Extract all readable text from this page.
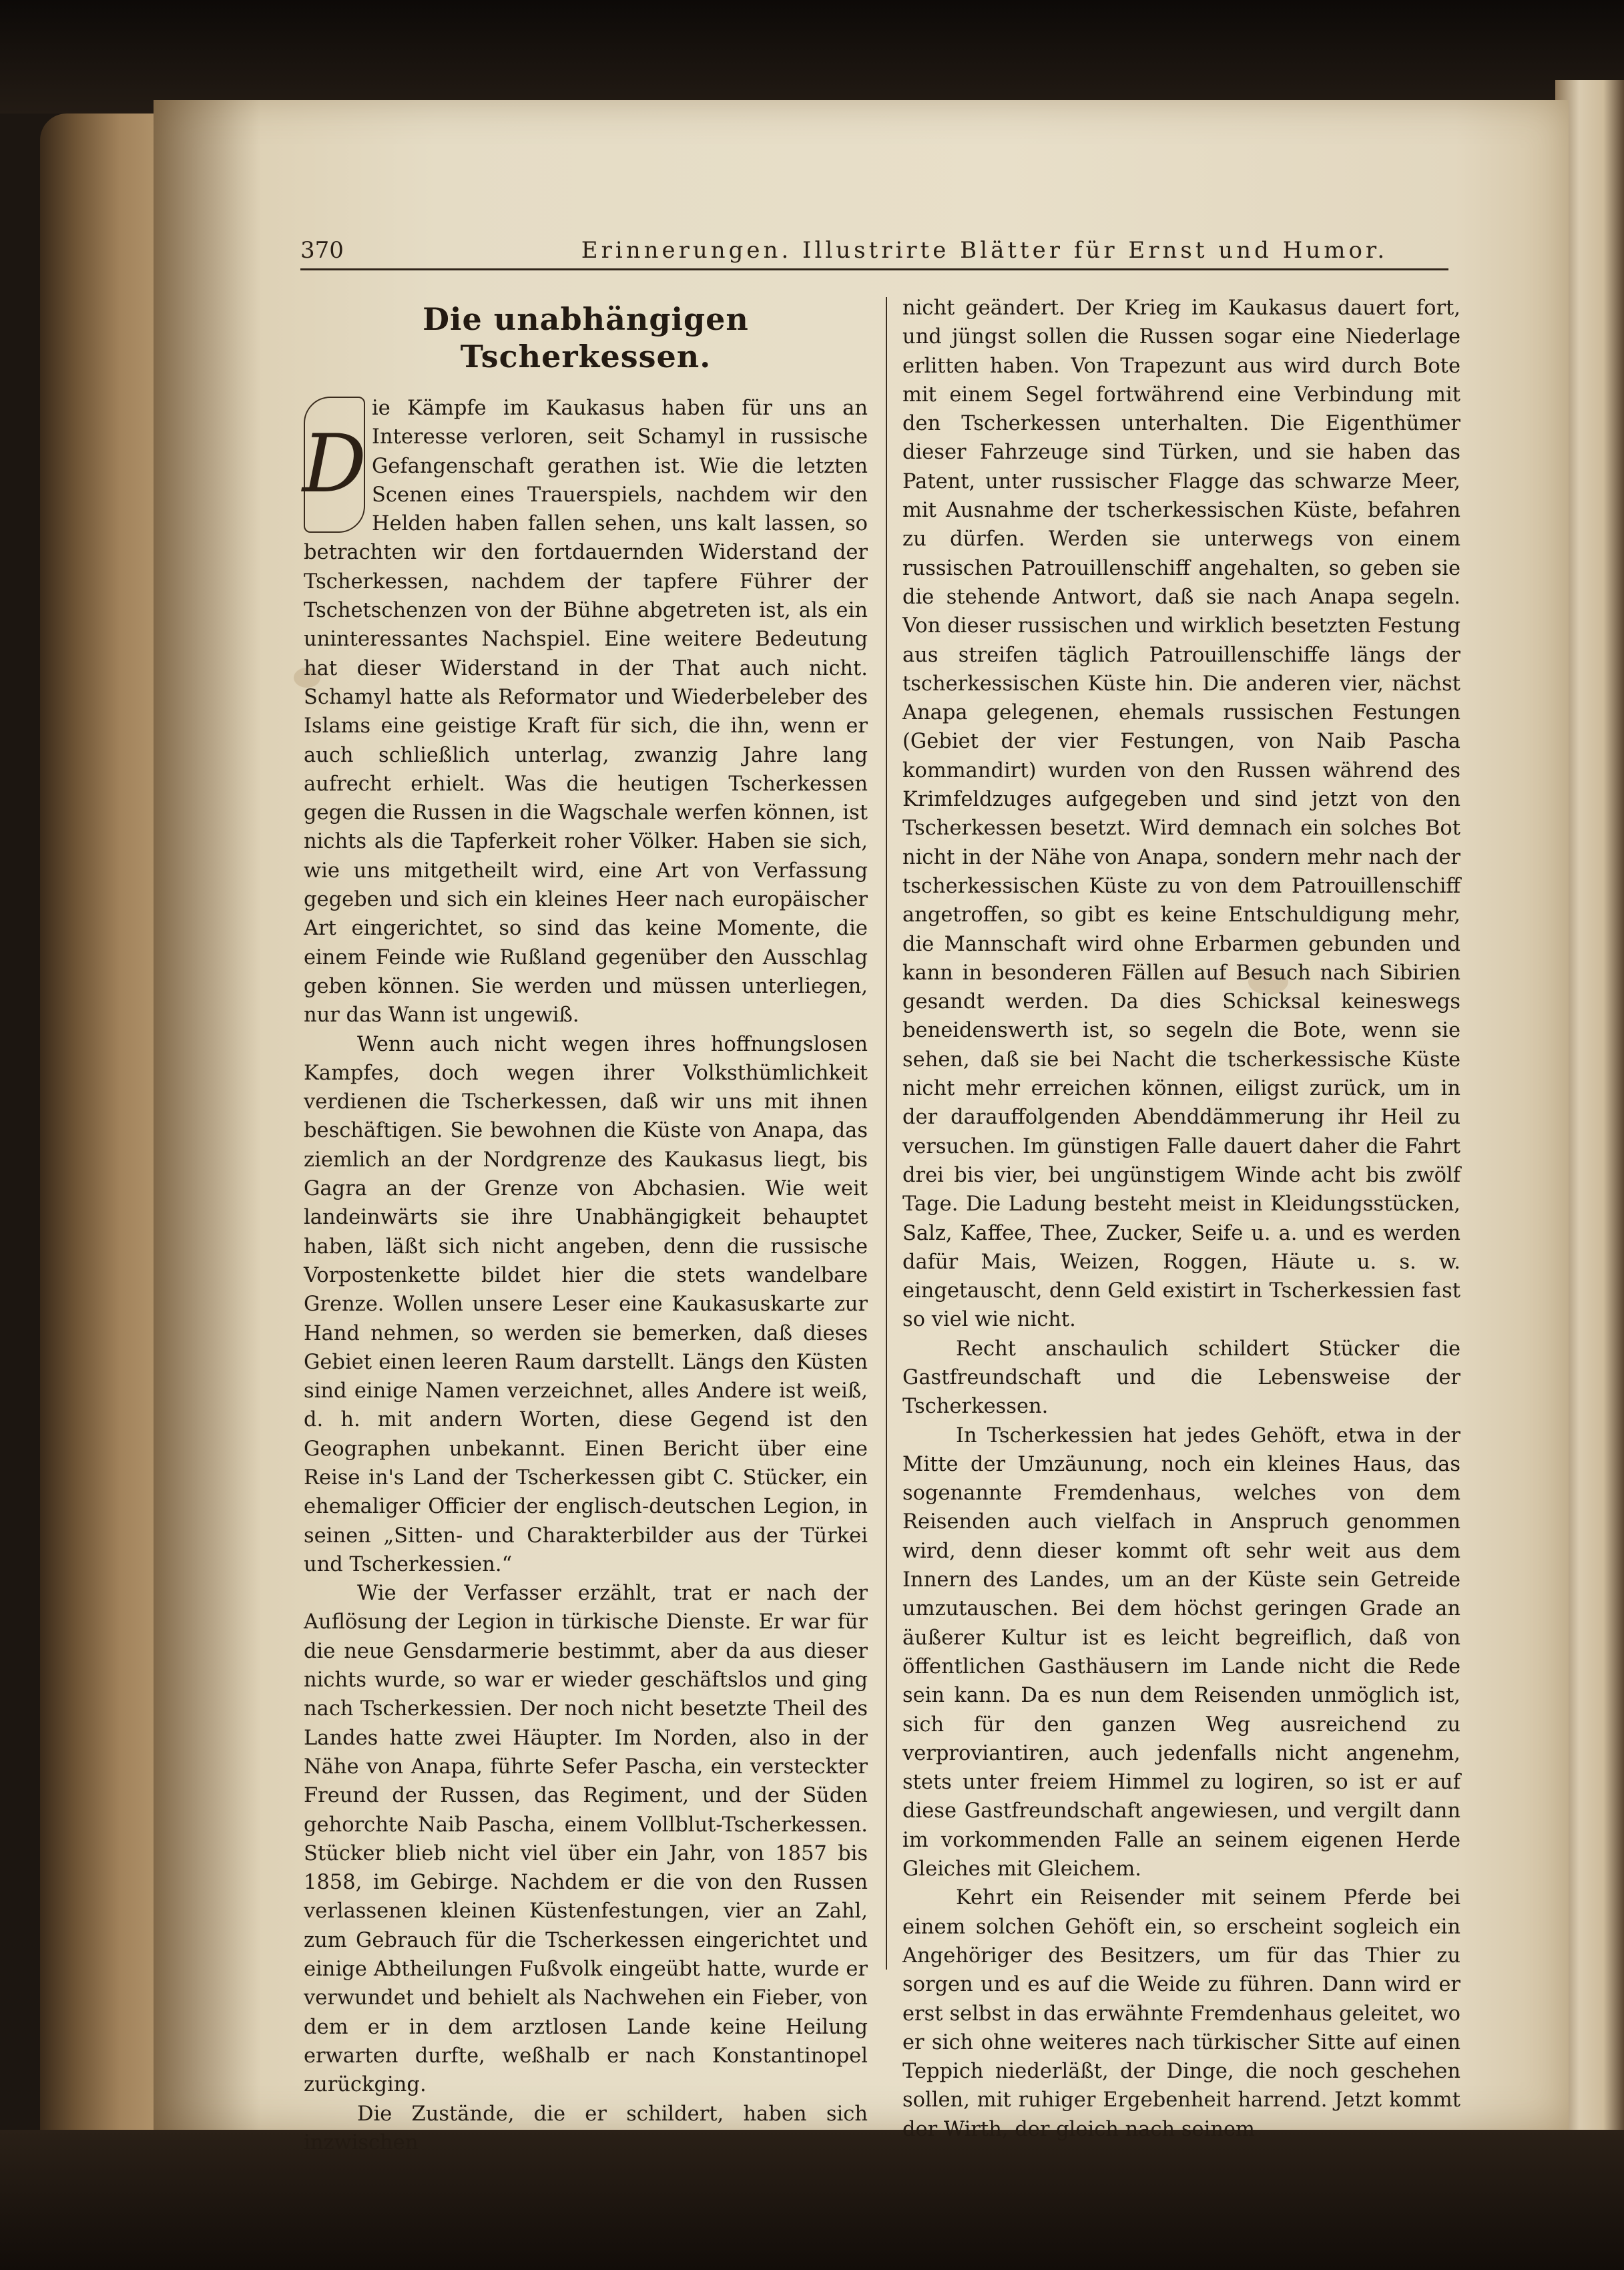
370	Erinnerungen. Illustrirte Blätter für Ernst und Humor.
Die unabhängigen Tscherkessen.

D
ie Kämpfe im Kaukasus haben für uns an Interesse verloren, seit Schamyl in russische Gefangenschaft gerathen ist. Wie die letzten Scenen eines Trauerspiels, nachdem wir den Helden haben fallen sehen, uns kalt lassen, so betrachten wir den fortdauernden Widerstand der Tscherkessen, nachdem der tapfere Führer der Tschetschenzen von der Bühne abgetreten ist, als ein uninteressantes Nachspiel. Eine weitere Bedeutung hat dieser Widerstand in der That auch nicht. Schamyl hatte als Reformator und Wiederbeleber des Islams eine geistige Kraft für sich, die ihn, wenn er auch schließlich unterlag, zwanzig Jahre lang aufrecht erhielt. Was die heutigen Tscherkessen gegen die Russen in die Wagschale werfen können, ist nichts als die Tapferkeit roher Völker. Haben sie sich, wie uns mitgetheilt wird, eine Art von Verfassung gegeben und sich ein kleines Heer nach europäischer Art eingerichtet, so sind das keine Momente, die einem Feinde wie Rußland gegenüber den Ausschlag geben können. Sie werden und müssen unterliegen, nur das Wann ist ungewiß.

Wenn auch nicht wegen ihres hoffnungslosen Kampfes, doch wegen ihrer Volksthümlichkeit verdienen die Tscherkessen, daß wir uns mit ihnen beschäftigen. Sie bewohnen die Küste von Anapa, das ziemlich an der Nordgrenze des Kaukasus liegt, bis Gagra an der Grenze von Abchasien. Wie weit landeinwärts sie ihre Unabhängigkeit behauptet haben, läßt sich nicht angeben, denn die russische Vorpostenkette bildet hier die stets wandelbare Grenze. Wollen unsere Leser eine Kaukasuskarte zur Hand nehmen, so werden sie bemerken, daß dieses Gebiet einen leeren Raum darstellt. Längs den Küsten sind einige Namen verzeichnet, alles Andere ist weiß, d. h. mit andern Worten, diese Gegend ist den Geographen unbekannt. Einen Bericht über eine Reise in's Land der Tscherkessen gibt C. Stücker, ein ehemaliger Officier der englisch-deutschen Legion, in seinen „Sitten- und Charakterbilder aus der Türkei und Tscherkessien.“

Wie der Verfasser erzählt, trat er nach der Auflösung der Legion in türkische Dienste. Er war für die neue Gensdarmerie bestimmt, aber da aus dieser nichts wurde, so war er wieder geschäftslos und ging nach Tscherkessien. Der noch nicht besetzte Theil des Landes hatte zwei Häupter. Im Norden, also in der Nähe von Anapa, führte Sefer Pascha, ein versteckter Freund der Russen, das Regiment, und der Süden gehorchte Naib Pascha, einem Vollblut-Tscherkessen. Stücker blieb nicht viel über ein Jahr, von 1857 bis 1858, im Gebirge. Nachdem er die von den Russen verlassenen kleinen Küstenfestungen, vier an Zahl, zum Gebrauch für die Tscherkessen eingerichtet und einige Abtheilungen Fußvolk eingeübt hatte, wurde er verwundet und behielt als Nachwehen ein Fieber, von dem er in dem arztlosen Lande keine Heilung erwarten durfte, weßhalb er nach Konstantinopel zurückging.

Die Zustände, die er schildert, haben sich inzwischen

nicht geändert. Der Krieg im Kaukasus dauert fort, und jüngst sollen die Russen sogar eine Niederlage erlitten haben. Von Trapezunt aus wird durch Bote mit einem Segel fortwährend eine Verbindung mit den Tscherkessen unterhalten. Die Eigenthümer dieser Fahrzeuge sind Türken, und sie haben das Patent, unter russischer Flagge das schwarze Meer, mit Ausnahme der tscherkessischen Küste, befahren zu dürfen. Werden sie unterwegs von einem russischen Patrouillenschiff angehalten, so geben sie die stehende Antwort, daß sie nach Anapa segeln. Von dieser russischen und wirklich besetzten Festung aus streifen täglich Patrouillenschiffe längs der tscherkessischen Küste hin. Die anderen vier, nächst Anapa gelegenen, ehemals russischen Festungen (Gebiet der vier Festungen, von Naib Pascha kommandirt) wurden von den Russen während des Krimfeldzuges aufgegeben und sind jetzt von den Tscherkessen besetzt. Wird demnach ein solches Bot nicht in der Nähe von Anapa, sondern mehr nach der tscherkessischen Küste zu von dem Patrouillenschiff angetroffen, so gibt es keine Entschuldigung mehr, die Mannschaft wird ohne Erbarmen gebunden und kann in besonderen Fällen auf Besuch nach Sibirien gesandt werden. Da dies Schicksal keineswegs beneidenswerth ist, so segeln die Bote, wenn sie sehen, daß sie bei Nacht die tscherkessische Küste nicht mehr erreichen können, eiligst zurück, um in der darauffolgenden Abenddämmerung ihr Heil zu versuchen. Im günstigen Falle dauert daher die Fahrt drei bis vier, bei ungünstigem Winde acht bis zwölf Tage. Die Ladung besteht meist in Kleidungsstücken, Salz, Kaffee, Thee, Zucker, Seife u. a. und es werden dafür Mais, Weizen, Roggen, Häute u. s. w. eingetauscht, denn Geld existirt in Tscherkessien fast so viel wie nicht.

Recht anschaulich schildert Stücker die Gastfreundschaft und die Lebensweise der Tscherkessen.

In Tscherkessien hat jedes Gehöft, etwa in der Mitte der Umzäunung, noch ein kleines Haus, das sogenannte Fremdenhaus, welches von dem Reisenden auch vielfach in Anspruch genommen wird, denn dieser kommt oft sehr weit aus dem Innern des Landes, um an der Küste sein Getreide umzutauschen. Bei dem höchst geringen Grade an äußerer Kultur ist es leicht begreiflich, daß von öffentlichen Gasthäusern im Lande nicht die Rede sein kann. Da es nun dem Reisenden unmöglich ist, sich für den ganzen Weg ausreichend zu verproviantiren, auch jedenfalls nicht angenehm, stets unter freiem Himmel zu logiren, so ist er auf diese Gastfreundschaft angewiesen, und vergilt dann im vorkommenden Falle an seinem eigenen Herde Gleiches mit Gleichem.

Kehrt ein Reisender mit seinem Pferde bei einem solchen Gehöft ein, so erscheint sogleich ein Angehöriger des Besitzers, um für das Thier zu sorgen und es auf die Weide zu führen. Dann wird er erst selbst in das erwähnte Fremdenhaus geleitet, wo er sich ohne weiteres nach türkischer Sitte auf einen Teppich niederläßt, der Dinge, die noch geschehen sollen, mit ruhiger Ergebenheit harrend. Jetzt kommt der Wirth, der gleich nach seinem
